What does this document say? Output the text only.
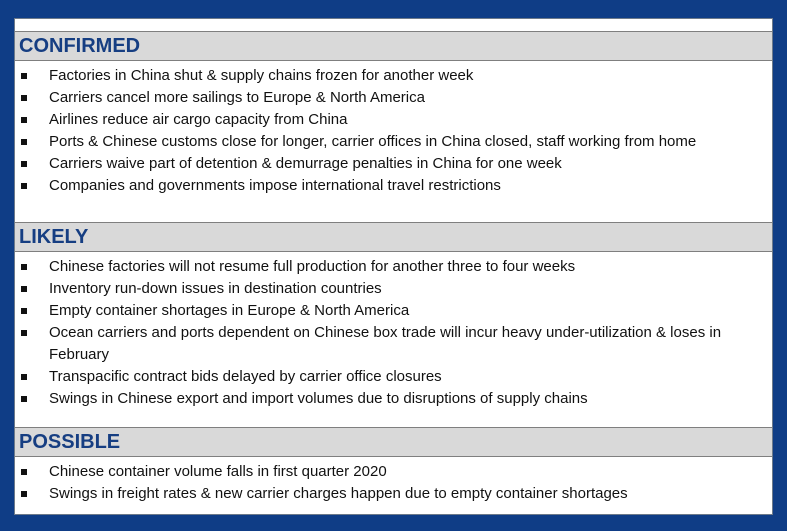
CONFIRMED
Factories in China shut & supply chains frozen for another week
Carriers cancel more sailings to Europe & North America
Airlines reduce air cargo capacity from China
Ports & Chinese customs close for longer, carrier offices in China closed, staff working from home
Carriers waive part of detention & demurrage penalties in China for one week
Companies and governments impose international travel restrictions
LIKELY
Chinese factories will not resume full production for another three to four weeks
Inventory run-down issues in destination countries
Empty container shortages in Europe & North America
Ocean carriers and ports dependent on Chinese box trade will incur heavy under-utilization & loses in February
Transpacific contract bids delayed by carrier office closures
Swings in Chinese export and import volumes due to disruptions of supply chains
POSSIBLE
Chinese container volume falls in first quarter 2020
Swings in freight rates & new carrier charges happen due to empty container shortages
